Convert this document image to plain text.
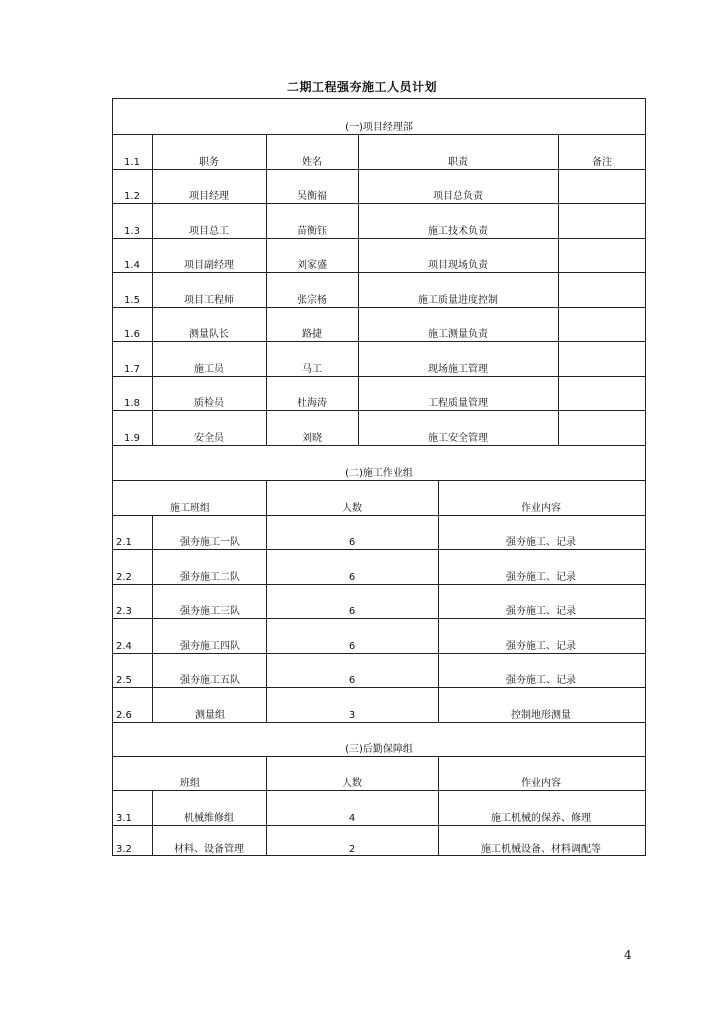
二期工程强夯施工人员计划
(一)项目经理部
1.1	职务	姓名	职责	备注
1.2	项目经理	吴衡福	项目总负责
1.3	项目总工	苗衡钰	施工技术负责
1.4	项目副经理	刘家盛	项目现场负责
1.5	项目工程师	张宗杨	施工质量进度控制
1.6	测量队长	路捷	施工测量负责
1.7	施工员	马工	现场施工管理
1.8	质检员	杜海涛	工程质量管理
1.9	安全员	刘晓	施工安全管理
(二)施工作业组
施工班组	人数	作业内容
2.1	强夯施工一队	6	强夯施工、记录
2.2	强夯施工二队	6	强夯施工、记录
2.3	强夯施工三队	6	强夯施工、记录
2.4	强夯施工四队	6	强夯施工、记录
2.5	强夯施工五队	6	强夯施工、记录
2.6	测量组	3	控制地形测量
(三)后勤保障组
班组	人数	作业内容
3.1	机械维修组	4	施工机械的保养、修理
3.2	材料、设备管理	2	施工机械设备、材料调配等
4
